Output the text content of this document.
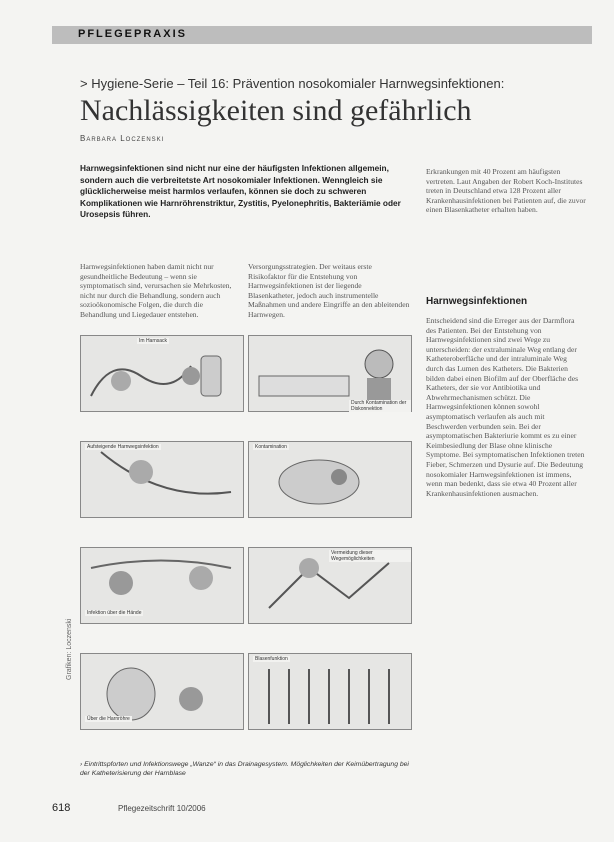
PFLEGEPRAXIS
> Hygiene-Serie – Teil 16: Prävention nosokomialer Harnwegsinfektionen:
Nachlässigkeiten sind gefährlich
Barbara Loczenski
Harnwegsinfektionen sind nicht nur eine der häufigsten Infektionen allgemein, sondern auch die verbreitetste Art nosokomialer Infektionen. Wenngleich sie glücklicherweise meist harmlos verlaufen, können sie doch zu schweren Komplikationen wie Harnröhrenstriktur, Zystitis, Pyelonephritis, Bakteriämie oder Urosepsis führen.
Harnwegsinfektionen haben damit nicht nur gesundheitliche Bedeutung – wenn sie symptomatisch sind, verursachen sie Mehrkosten, nicht nur durch die Behandlung, sondern auch sozioökonomische Folgen, die durch die Behandlung und Liegedauer entstehen.
Versorgungsstrategien. Der weitaus erste Risikofaktor für die Entstehung von Harnwegsinfektionen ist der liegende Blasenkatheter, jedoch auch instrumentelle Maßnahmen und andere Eingriffe an den ableitenden Harnwegen.
Erkrankungen mit 40 Prozent am häufigsten vertreten. Laut Angaben der Robert Koch-Institutes treten in Deutschland etwa 128 Prozent aller Krankenhausinfektionen bei Patienten auf, die zuvor einen Blasenkatheter erhalten haben.
Harnwegsinfektionen
Entscheidend sind die Erreger aus der Darmflora des Patienten. Bei der Entstehung von Harnwegsinfektionen sind zwei Wege zu unterscheiden: der extraluminale Weg entlang der Katheteroberfläche und der intraluminale Weg durch das Lumen des Katheters. Die Bakterien bilden dabei einen Biofilm auf der Oberfläche des Katheters, der sie vor Antibiotika und Abwehrmechanismen schützt. Die Harnwegsinfektionen können sowohl asymptomatisch verlaufen als auch mit Beschwerden verbunden sein. Bei der asymptomatischen Bakteriurie kommt es zu einer Keimbesiedlung der Blase ohne klinische Symptome. Bei symptomatischen Infektionen treten Fieber, Schmerzen und Dysurie auf. Die Bedeutung nosokomialer Harnwegsinfektionen ist immens, wenn man bedenkt, dass sie etwa 40 Prozent aller Krankenhausinfektionen ausmachen.
Im Harnsack
Durch Kontamination der Diskonnektion
Aufsteigende Harnwegsinfektion	Kontamination
Infektion über die Hände
Vermeidung dieser Wegemöglichkeiten
Über die Harnröhre
Blasenfunktion
› Eintrittspforten und Infektionswege „Wanze“ in das Drainagesystem. Möglichkeiten der Keimübertragung bei der Katheterisierung der Harnblase
Grafiken: Loczenski
618	Pflegezeitschrift 10/2006
